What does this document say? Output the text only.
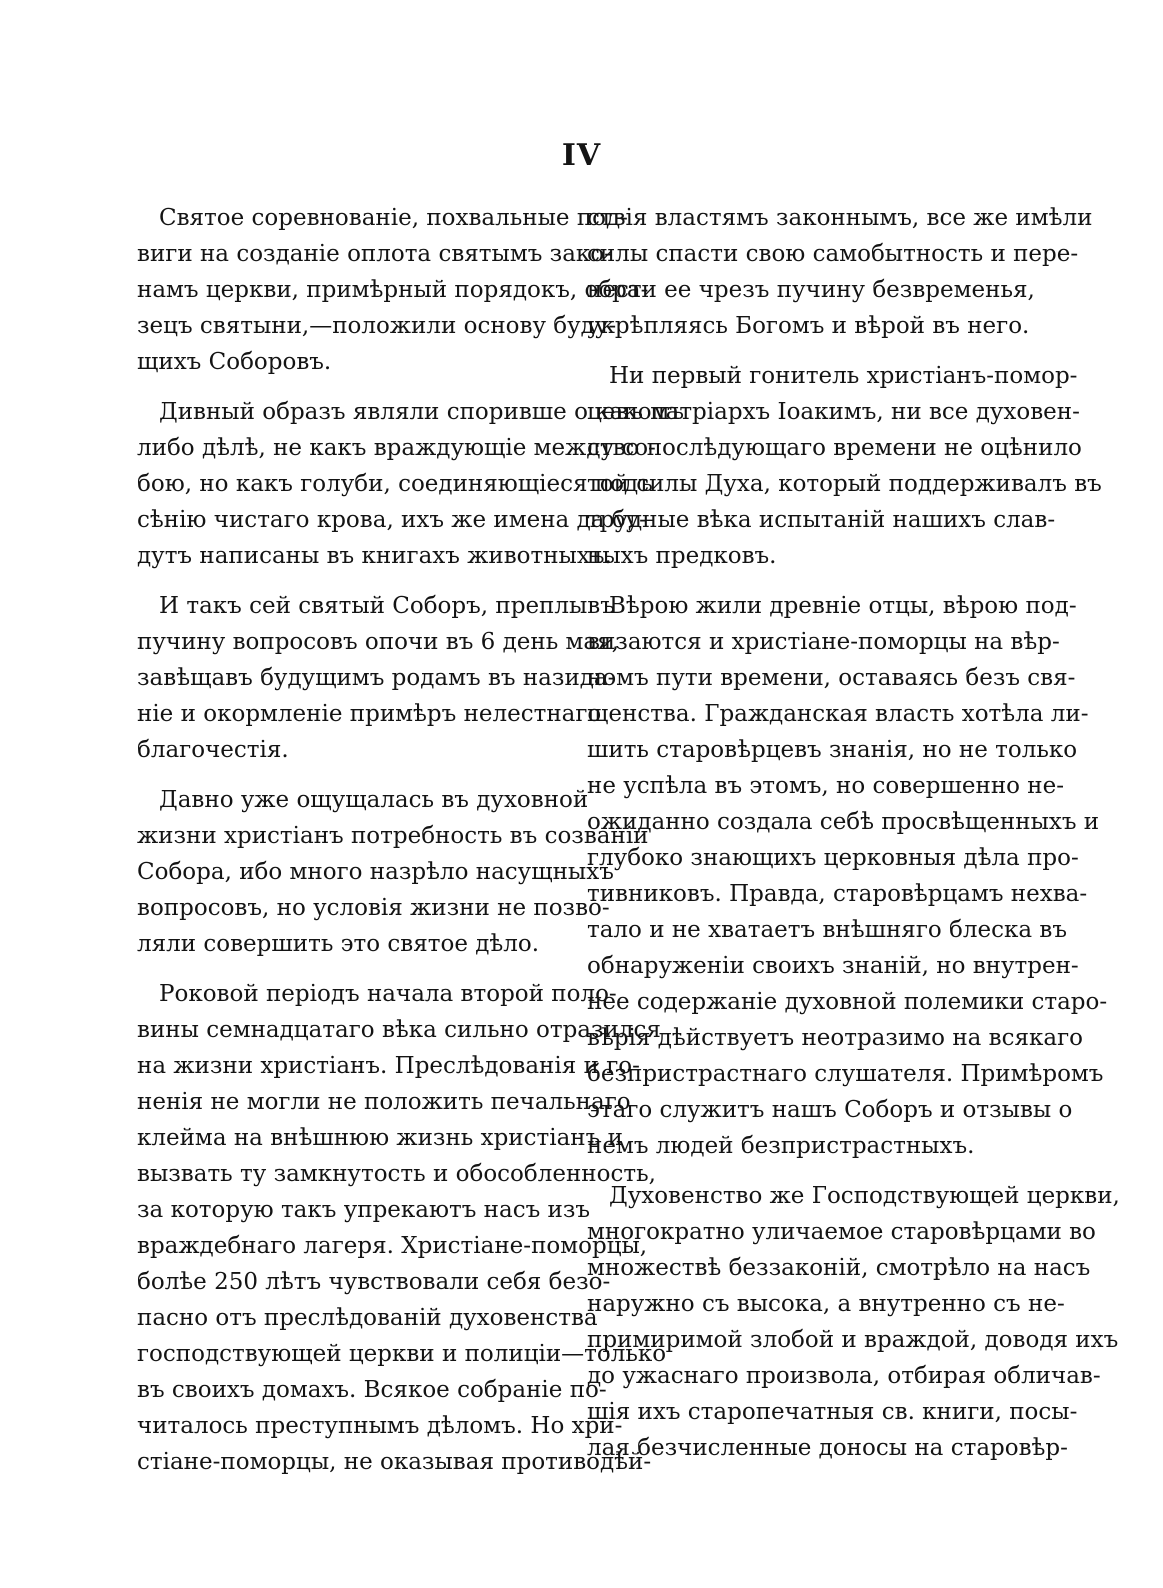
IV
Святое соревнованіе, похвальные под-
виги на созданіе оплота святымъ зако-
намъ церкви, примѣрный порядокъ, обра-
зецъ святыни,—положили основу буду-
щихъ Соборовъ.
Дивный образъ являли споривше о какомъ
либо дѣлѣ, не какъ враждующіе между со-
бою, но какъ голуби, соединяющіеся подъ
сѣнію чистаго крова, ихъ же имена да бу-
дутъ написаны въ книгахъ животныхъ.
И такъ сей святый Соборъ, преплывъ
пучину вопросовъ опочи въ 6 день мая,
завѣщавъ будущимъ родамъ въ назида-
ніе и окормленіе примѣръ нелестнаго
благочестія.
Давно уже ощущалась въ духовной
жизни христіанъ потребность въ созваніи
Собора, ибо много назрѣло насущныхъ
вопросовъ, но условія жизни не позво-
ляли совершить это святое дѣло.
Роковой періодъ начала второй поло-
вины семнадцатаго вѣка сильно отразился
на жизни христіанъ. Преслѣдованія и го-
ненія не могли не положить печальнаго
клейма на внѣшнюю жизнь христіанъ и
вызвать ту замкнутость и обособленность,
за которую такъ упрекаютъ насъ изъ
враждебнаго лагеря. Христіане-поморцы,
болѣе 250 лѣтъ чувствовали себя безо-
пасно отъ преслѣдованій духовенства
господствующей церкви и полиціи—только
въ своихъ домахъ. Всякое собраніе по-
читалось преступнымъ дѣломъ. Но хри-
стіане-поморцы, не оказывая противодѣй-
ствія властямъ законнымъ, все же имѣли
силы спасти свою самобытность и пере-
нести ее чрезъ пучину безвременья,
укрѣпляясь Богомъ и вѣрой въ него.
Ни первый гонитель христіанъ-помор-
цевъ патріархъ Іоакимъ, ни все духовен-
ство послѣдующаго времени не оцѣнило
той силы Духа, который поддерживалъ въ
трудные вѣка испытаній нашихъ слав-
ныхъ предковъ.
Вѣрою жили древніе отцы, вѣрою под-
визаются и христіане-поморцы на вѣр-
номъ пути времени, оставаясь безъ свя-
щенства. Гражданская власть хотѣла ли-
шить старовѣрцевъ знанія, но не только
не успѣла въ этомъ, но совершенно не-
ожиданно создала себѣ просвѣщенныхъ и
глубоко знающихъ церковныя дѣла про-
тивниковъ. Правда, старовѣрцамъ нехва-
тало и не хватаетъ внѣшняго блеска въ
обнаруженіи своихъ знаній, но внутрен-
нее содержаніе духовной полемики старо-
вѣрія дѣйствуетъ неотразимо на всякаго
безпристрастнаго слушателя. Примѣромъ
этаго служитъ нашъ Соборъ и отзывы о
немъ людей безпристрастныхъ.
Духовенство же Господствующей церкви,
многократно уличаемое старовѣрцами во
множествѣ беззаконій, смотрѣло на насъ
наружно съ высока, а внутренно съ не-
примиримой злобой и враждой, доводя ихъ
до ужаснаго произвола, отбирая обличав-
шія ихъ старопечатныя св. книги, посы-
лая безчисленные доносы на старовѣр-
